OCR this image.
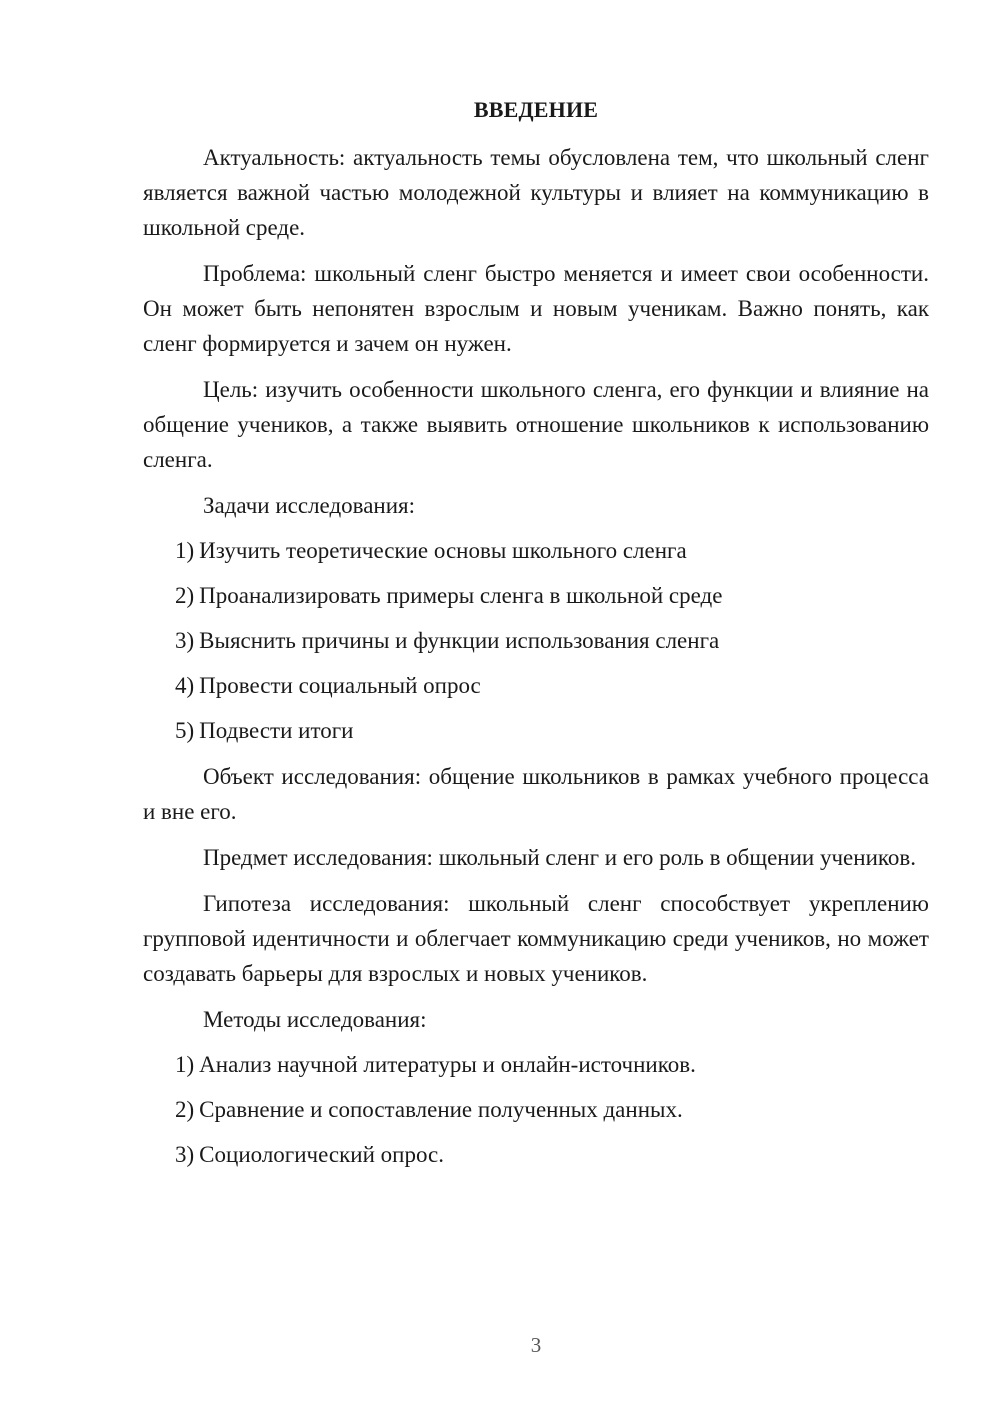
ВВЕДЕНИЕ

Актуальность: актуальность темы обусловлена тем, что школьный сленг является важной частью молодежной культуры и влияет на коммуникацию в школьной среде.

Проблема: школьный сленг быстро меняется и имеет свои особенности. Он может быть непонятен взрослым и новым ученикам. Важно понять, как сленг формируется и зачем он нужен.

Цель: изучить особенности школьного сленга, его функции и влияние на общение учеников, а также выявить отношение школьников к использованию сленга.

Задачи исследования:
1) Изучить теоретические основы школьного сленга
2) Проанализировать примеры сленга в школьной среде
3) Выяснить причины и функции использования сленга
4) Провести социальный опрос
5) Подвести итоги

Объект исследования: общение школьников в рамках учебного процесса и вне его.

Предмет исследования: школьный сленг и его роль в общении учеников.

Гипотеза исследования: школьный сленг способствует укреплению групповой идентичности и облегчает коммуникацию среди учеников, но может создавать барьеры для взрослых и новых учеников.

Методы исследования:
1) Анализ научной литературы и онлайн-источников.
2) Сравнение и сопоставление полученных данных.
3) Социологический опрос.
3
